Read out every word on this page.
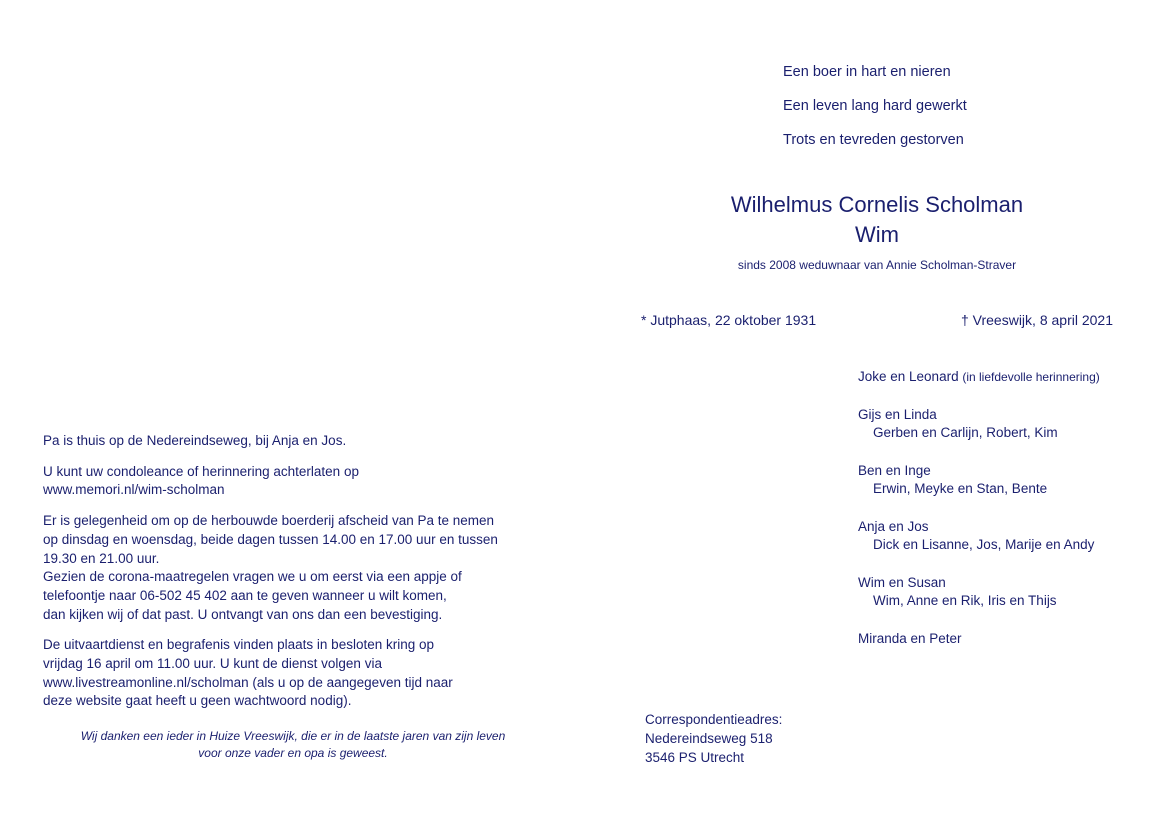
Een boer in hart en nieren
Een leven lang hard gewerkt
Trots en tevreden gestorven
Wilhelmus Cornelis Scholman
Wim
sinds 2008 weduwnaar van Annie Scholman-Straver
* Jutphaas, 22 oktober 1931	† Vreeswijk, 8 april 2021
Joke en Leonard (in liefdevolle herinnering)
Gijs en Linda
Gerben en Carlijn, Robert, Kim
Ben en Inge
Erwin, Meyke en Stan, Bente
Anja en Jos
Dick en Lisanne, Jos, Marije en Andy
Wim en Susan
Wim, Anne en Rik, Iris en Thijs
Miranda en Peter

Pa is thuis op de Nedereindseweg, bij Anja en Jos.

U kunt uw condoleance of herinnering achterlaten op
www.memori.nl/wim-scholman

Er is gelegenheid om op de herbouwde boerderij afscheid van Pa te nemen
op dinsdag en woensdag, beide dagen tussen 14.00 en 17.00 uur en tussen
19.30 en 21.00 uur.
Gezien de corona-maatregelen vragen we u om eerst via een appje of
telefoontje naar 06-502 45 402 aan te geven wanneer u wilt komen,
dan kijken wij of dat past. U ontvangt van ons dan een bevestiging.

De uitvaartdienst en begrafenis vinden plaats in besloten kring op
vrijdag 16 april om 11.00 uur. U kunt de dienst volgen via
www.livestreamonline.nl/scholman (als u op de aangegeven tijd naar
deze website gaat heeft u geen wachtwoord nodig).

Wij danken een ieder in Huize Vreeswijk, die er in de laatste jaren van zijn leven
voor onze vader en opa is geweest.
Correspondentieadres:
Nedereindseweg 518
3546 PS Utrecht
